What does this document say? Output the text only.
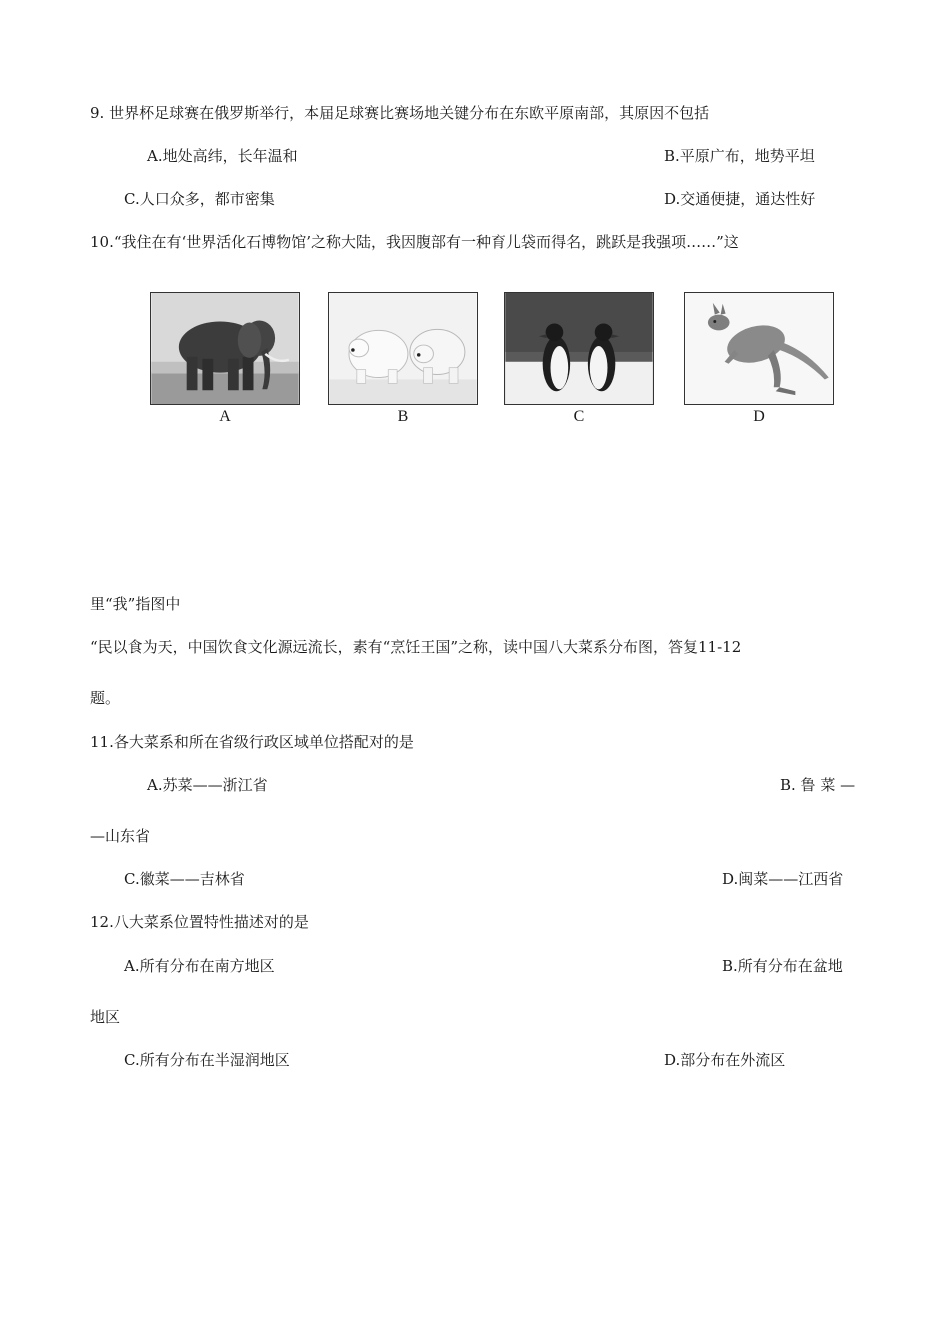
9. 世界杯足球赛在俄罗斯举行，本届足球赛比赛场地关键分布在东欧平原南部，其原因不包括
A.地处高纬，长年温和	B.平原广布，地势平坦
C.人口众多，都市密集	D.交通便捷，通达性好
10.“我住在有‘世界活化石博物馆’之称大陆，我因腹部有一种育儿袋而得名，跳跃是我强项……”这
A	B	C	D
里“我”指图中
“民以食为天，中国饮食文化源远流长，素有“烹饪王国”之称，读中国八大菜系分布图，答复11-12
题。
11.各大菜系和所在省级行政区域单位搭配对的是
A.苏菜——浙江省	B. 鲁 菜 —
—山东省
C.徽菜——吉林省	D.闽菜——江西省
12.八大菜系位置特性描述对的是
A.所有分布在南方地区	B.所有分布在盆地
地区
C.所有分布在半湿润地区	D.部分布在外流区
